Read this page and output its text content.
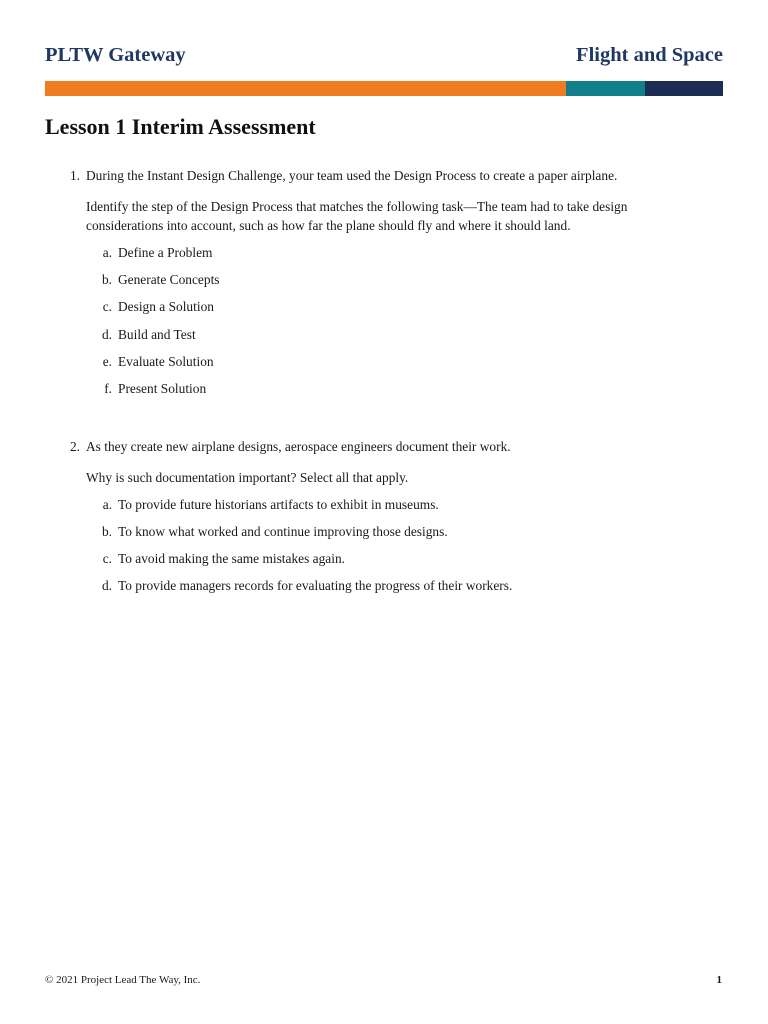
PLTW Gateway	Flight and Space
Lesson 1 Interim Assessment
1. During the Instant Design Challenge, your team used the Design Process to create a paper airplane.
Identify the step of the Design Process that matches the following task—The team had to take design
considerations into account, such as how far the plane should fly and where it should land.
a. Define a Problem
b. Generate Concepts
c. Design a Solution
d. Build and Test
e. Evaluate Solution
f. Present Solution
2. As they create new airplane designs, aerospace engineers document their work.
Why is such documentation important? Select all that apply.
a. To provide future historians artifacts to exhibit in museums.
b. To know what worked and continue improving those designs.
c. To avoid making the same mistakes again.
d. To provide managers records for evaluating the progress of their workers.
© 2021 Project Lead The Way, Inc.	1
